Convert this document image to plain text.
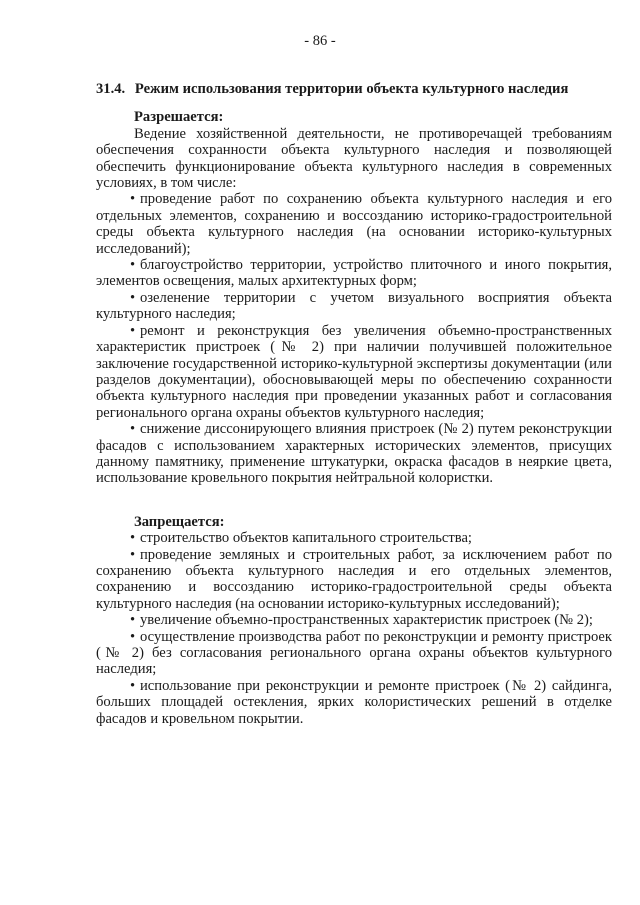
- 86 -
31.4. Режим использования территории объекта культурного наследия
Разрешается:

Ведение хозяйственной деятельности, не противоречащей требованиям обеспечения сохранности объекта культурного наследия и позволяющей обеспечить функционирование объекта культурного наследия в современных условиях, в том числе:

• проведение работ по сохранению объекта культурного наследия и его отдельных элементов, сохранению и воссозданию историко-градостроительной среды объекта культурного наследия (на основании историко-культурных исследований);
• благоустройство территории, устройство плиточного и иного покрытия, элементов освещения, малых архитектурных форм;
• озеленение территории с учетом визуального восприятия объекта культурного наследия;
• ремонт и реконструкция без увеличения объемно-пространственных характеристик пристроек (№ 2) при наличии получившей положительное заключение государственной историко-культурной экспертизы документации (или разделов документации), обосновывающей меры по обеспечению сохранности объекта культурного наследия при проведении указанных работ и согласования регионального органа охраны объектов культурного наследия;
• снижение диссонирующего влияния пристроек (№ 2) путем реконструкции фасадов с использованием характерных исторических элементов, присущих данному памятнику, применение штукатурки, окраска фасадов в неяркие цвета, использование кровельного покрытия нейтральной колористки.
Запрещается:
• строительство объектов капитального строительства;
• проведение земляных и строительных работ, за исключением работ по сохранению объекта культурного наследия и его отдельных элементов, сохранению и воссозданию историко-градостроительной среды объекта культурного наследия (на основании историко-культурных исследований);
• увеличение объемно-пространственных характеристик пристроек (№ 2);
• осуществление производства работ по реконструкции и ремонту пристроек (№ 2) без согласования регионального органа охраны объектов культурного наследия;
• использование при реконструкции и ремонте пристроек (№ 2) сайдинга, больших площадей остекления, ярких колористических решений в отделке фасадов и кровельном покрытии.
